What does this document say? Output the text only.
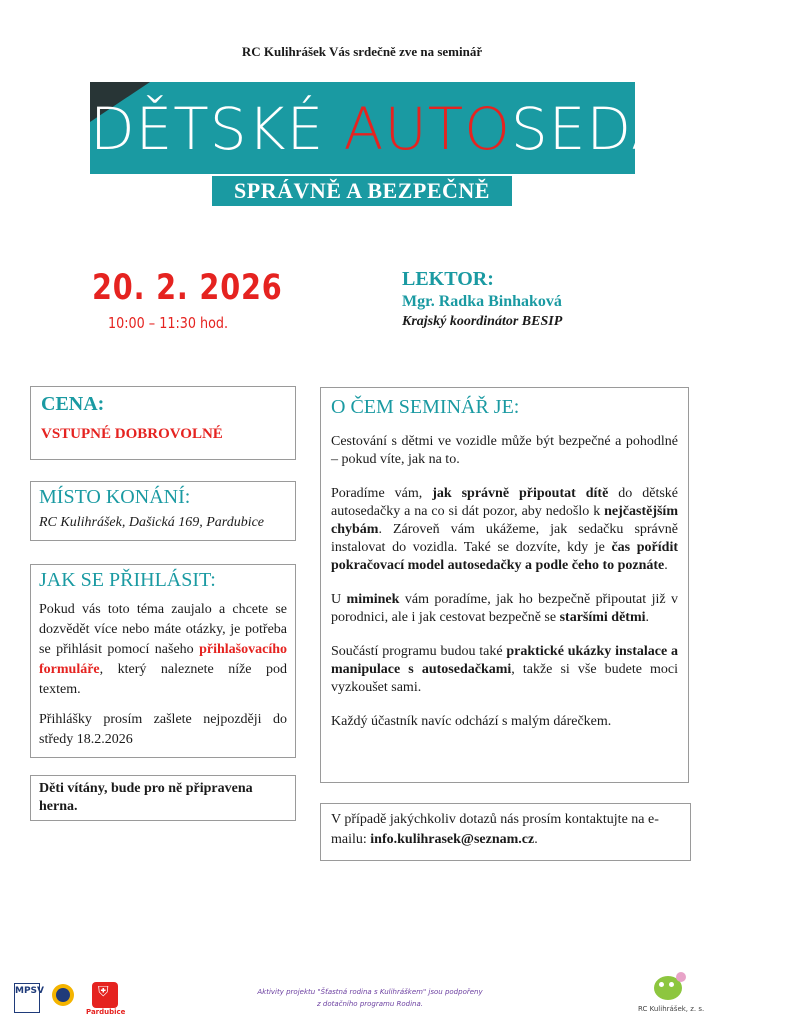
RC Kulihrášek Vás srdečně zve na seminář
DĚTSKÉ AUTOSEDAČKY
SPRÁVNĚ A BEZPEČNĚ
20. 2. 2026
10:00 – 11:30 hod.
LEKTOR:
Mgr. Radka Binhaková
Krajský koordinátor BESIP
CENA:
VSTUPNÉ DOBROVOLNÉ
MÍSTO KONÁNÍ:
RC Kulihrášek, Dašická 169, Pardubice
JAK SE PŘIHLÁSIT:

Pokud vás toto téma zaujalo a chcete se dozvědět více nebo máte otázky, je potřeba se přihlásit pomocí našeho přihlašovacího formuláře, který naleznete níže pod textem.

Přihlášky prosím zašlete nejpozději do středy 18.2.2026

Děti vítány, bude pro ně připravena herna.
O ČEM SEMINÁŘ JE:

Cestování s dětmi ve vozidle může být bezpečné a pohodlné – pokud víte, jak na to.

Poradíme vám, jak správně připoutat dítě do dětské autosedačky a na co si dát pozor, aby nedošlo k nejčastějším chybám. Zároveň vám ukážeme, jak sedačku správně instalovat do vozidla. Také se dozvíte, kdy je čas pořídit pokračovací model autosedačky a podle čeho to poznáte.

U miminek vám poradíme, jak ho bezpečně připoutat již v porodnici, ale i jak cestovat bezpečně se staršími dětmi.

Součástí programu budou také praktické ukázky instalace a manipulace s autosedačkami, takže si vše budete moci vyzkoušet sami.

Každý účastník navíc odchází s malým dárečkem.

V případě jakýchkoliv dotazů nás prosím kontaktujte na e-mailu: info.kulihrasek@seznam.cz.
MPSV
⛨
Pardubice
Aktivity projektu "Šťastná rodina s Kulihráškem" jsou podpořeny
z dotačního programu Rodina.
RC Kulihrášek, z. s.
